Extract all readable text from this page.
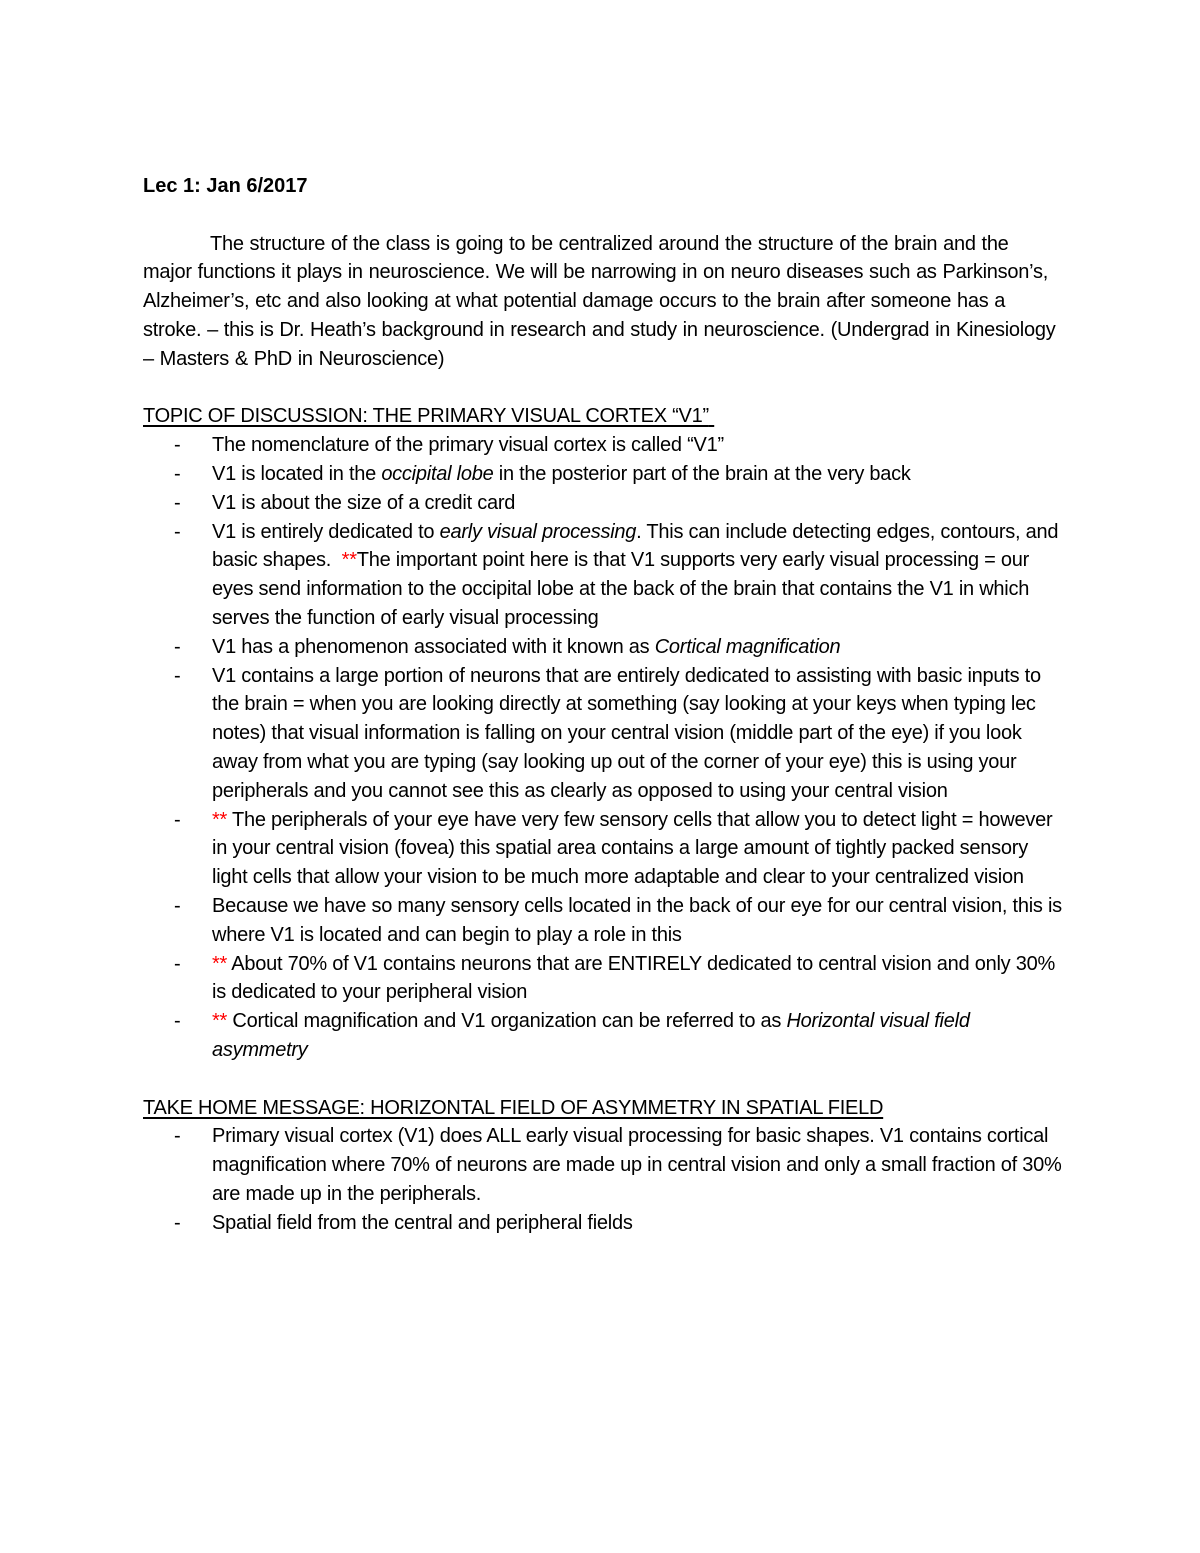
Lec 1: Jan 6/2017

The structure of the class is going to be centralized around the structure of the brain and the major functions it plays in neuroscience. We will be narrowing in on neuro diseases such as Parkinson’s, Alzheimer’s, etc and also looking at what potential damage occurs to the brain after someone has a stroke. – this is Dr. Heath’s background in research and study in neuroscience. (Undergrad in Kinesiology – Masters & PhD in Neuroscience)

TOPIC OF DISCUSSION: THE PRIMARY VISUAL CORTEX “V1”

- The nomenclature of the primary visual cortex is called “V1”
- V1 is located in the occipital lobe in the posterior part of the brain at the very back
- V1 is about the size of a credit card
- V1 is entirely dedicated to early visual processing. This can include detecting edges, contours, and basic shapes.  **The important point here is that V1 supports very early visual processing = our eyes send information to the occipital lobe at the back of the brain that contains the V1 in which serves the function of early visual processing
- V1 has a phenomenon associated with it known as Cortical magnification
- V1 contains a large portion of neurons that are entirely dedicated to assisting with basic inputs to the brain = when you are looking directly at something (say looking at your keys when typing lec notes) that visual information is falling on your central vision (middle part of the eye) if you look away from what you are typing (say looking up out of the corner of your eye) this is using your peripherals and you cannot see this as clearly as opposed to using your central vision
- ** The peripherals of your eye have very few sensory cells that allow you to detect light = however in your central vision (fovea) this spatial area contains a large amount of tightly packed sensory light cells that allow your vision to be much more adaptable and clear to your centralized vision
- Because we have so many sensory cells located in the back of our eye for our central vision, this is where V1 is located and can begin to play a role in this
- ** About 70% of V1 contains neurons that are ENTIRELY dedicated to central vision and only 30% is dedicated to your peripheral vision
- ** Cortical magnification and V1 organization can be referred to as Horizontal visual field asymmetry

TAKE HOME MESSAGE: HORIZONTAL FIELD OF ASYMMETRY IN SPATIAL FIELD

- Primary visual cortex (V1) does ALL early visual processing for basic shapes. V1 contains cortical magnification where 70% of neurons are made up in central vision and only a small fraction of 30% are made up in the peripherals.
- Spatial field from the central and peripheral fields
